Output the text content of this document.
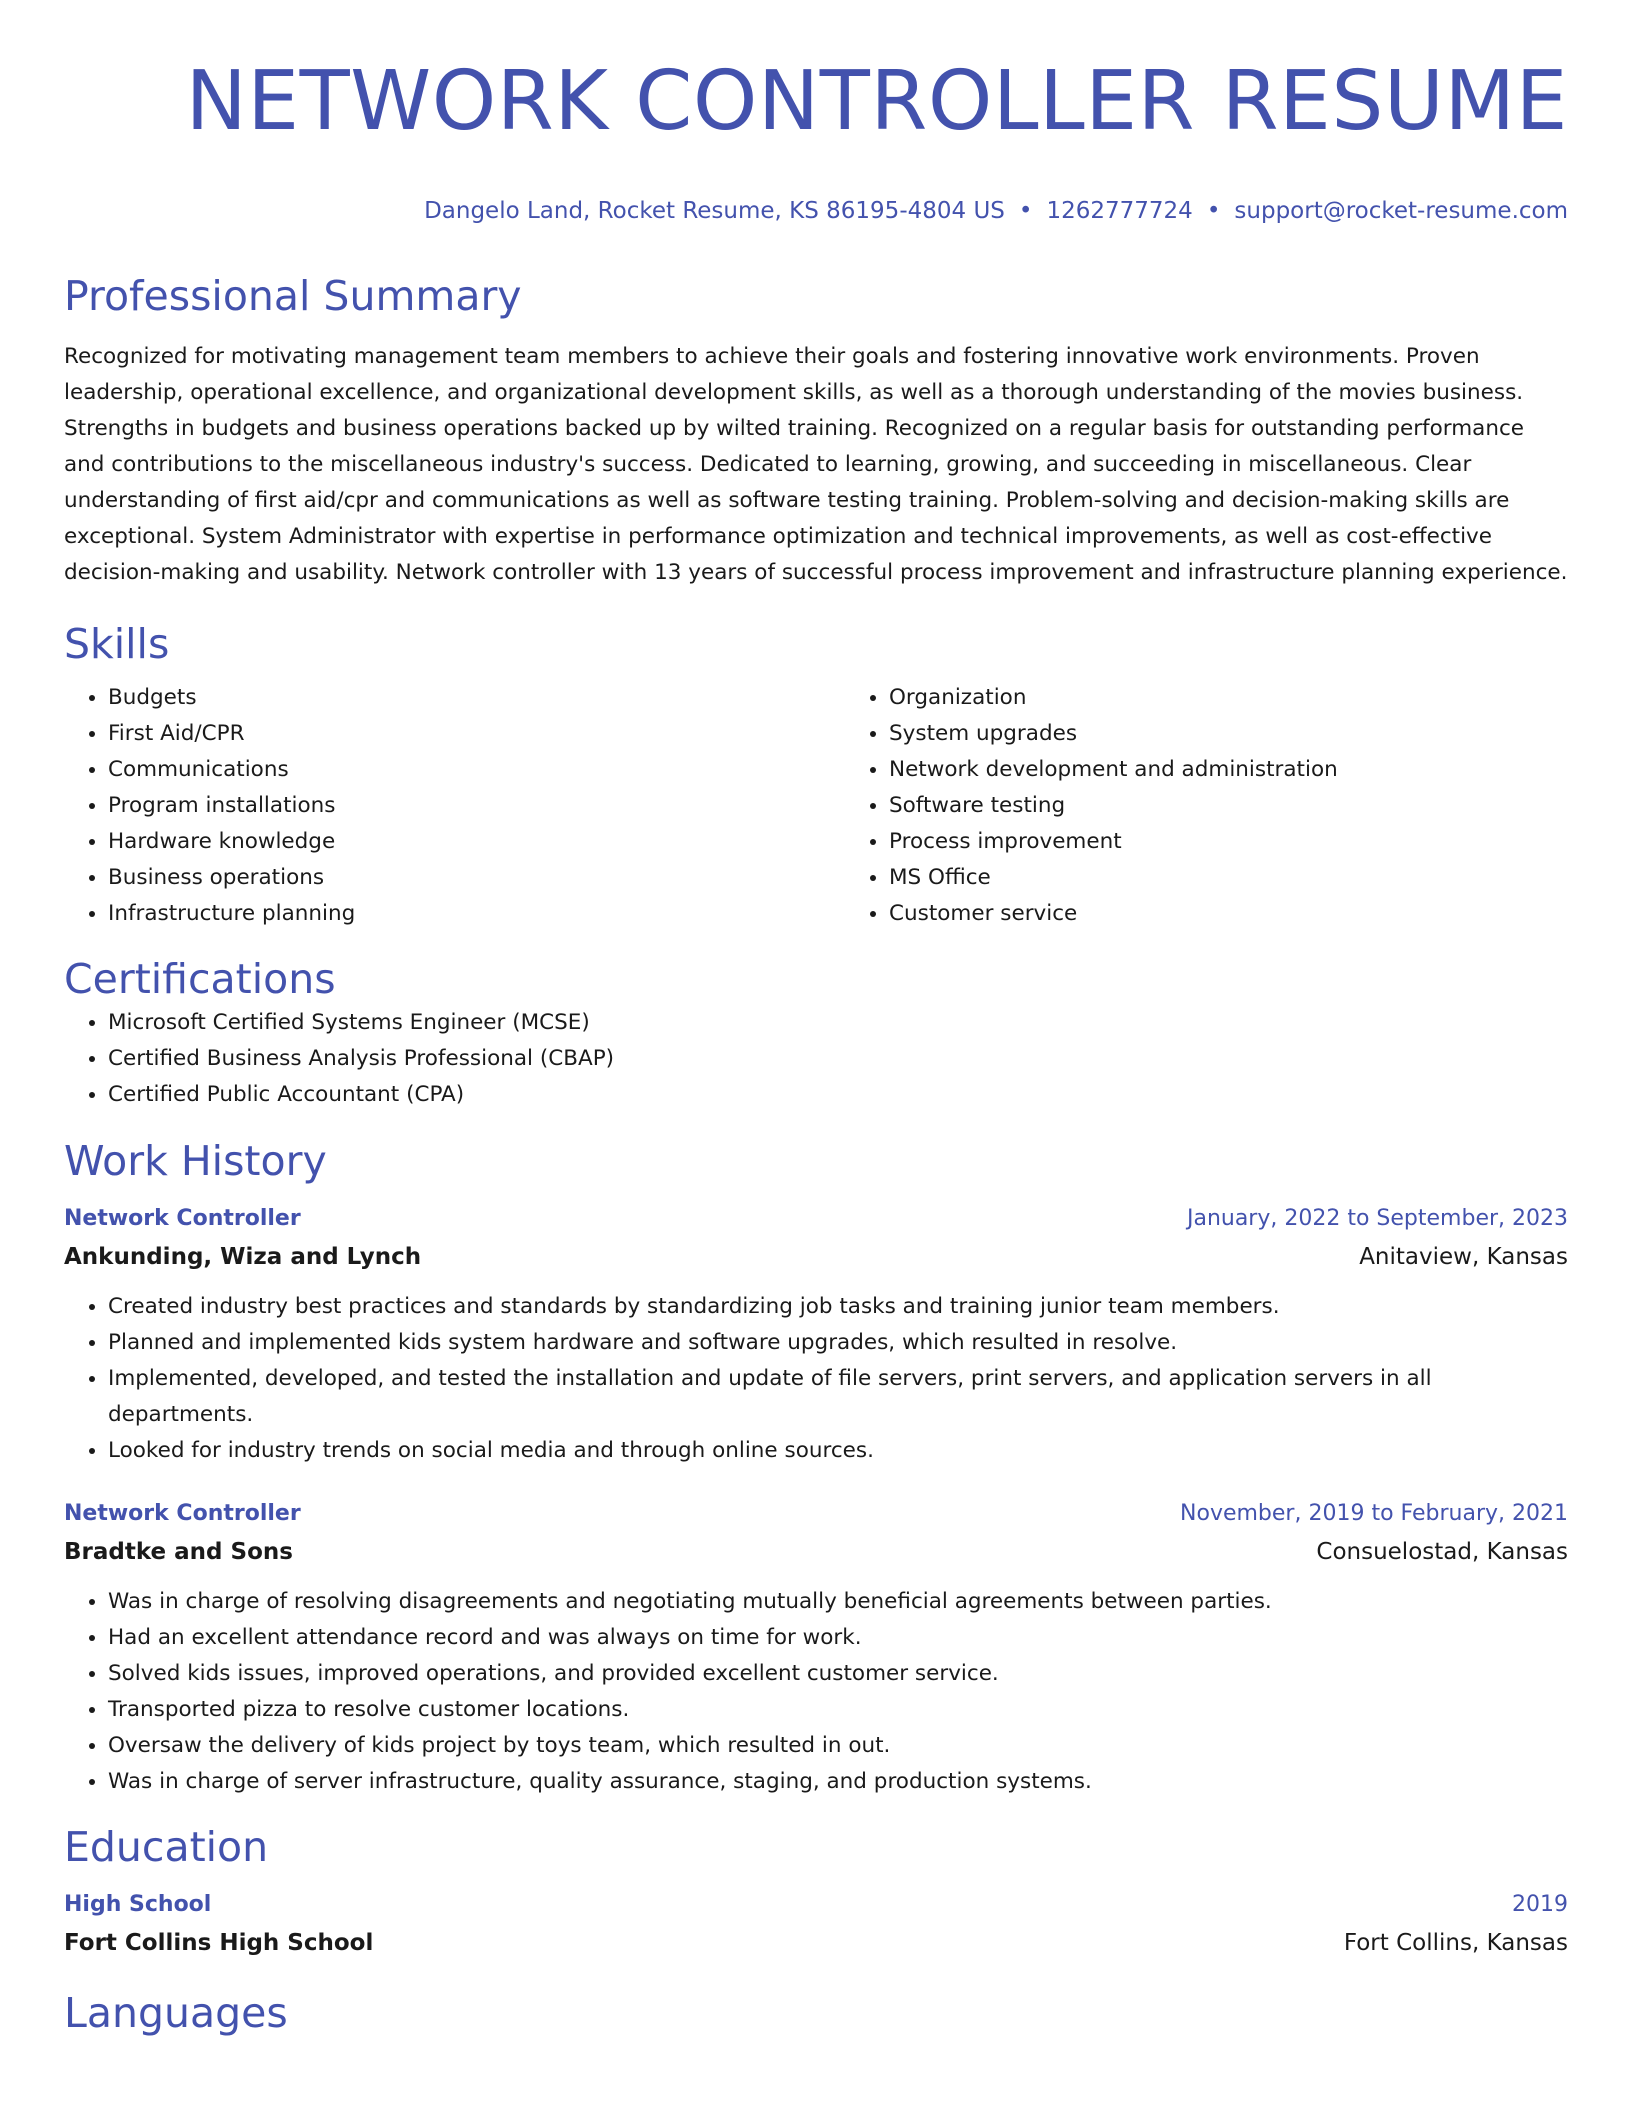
NETWORK CONTROLLER RESUME
Dangelo Land, Rocket Resume, KS 86195-4804 US • 1262777724 • support@rocket-resume.com
Professional Summary

Recognized for motivating management team members to achieve their goals and fostering innovative work environments. Proven leadership, operational excellence, and organizational development skills, as well as a thorough understanding of the movies business. Strengths in budgets and business operations backed up by wilted training. Recognized on a regular basis for outstanding performance and contributions to the miscellaneous industry's success. Dedicated to learning, growing, and succeeding in miscellaneous. Clear understanding of first aid/cpr and communications as well as software testing training. Problem-solving and decision-making skills are exceptional. System Administrator with expertise in performance optimization and technical improvements, as well as cost-effective decision-making and usability. Network controller with 13 years of successful process improvement and infrastructure planning experience.

Skills
• Budgets
• First Aid/CPR
• Communications
• Program installations
• Hardware knowledge
• Business operations
• Infrastructure planning
• Organization
• System upgrades
• Network development and administration
• Software testing
• Process improvement
• MS Office
• Customer service
Certifications
• Microsoft Certified Systems Engineer (MCSE)
• Certified Business Analysis Professional (CBAP)
• Certified Public Accountant (CPA)
Work History
Network Controller	January, 2022 to September, 2023
Ankunding, Wiza and Lynch	Anitaview, Kansas
• Created industry best practices and standards by standardizing job tasks and training junior team members.
• Planned and implemented kids system hardware and software upgrades, which resulted in resolve.
• Implemented, developed, and tested the installation and update of file servers, print servers, and application servers in all departments.
• Looked for industry trends on social media and through online sources.
Network Controller	November, 2019 to February, 2021
Bradtke and Sons	Consuelostad, Kansas
• Was in charge of resolving disagreements and negotiating mutually beneficial agreements between parties.
• Had an excellent attendance record and was always on time for work.
• Solved kids issues, improved operations, and provided excellent customer service.
• Transported pizza to resolve customer locations.
• Oversaw the delivery of kids project by toys team, which resulted in out.
• Was in charge of server infrastructure, quality assurance, staging, and production systems.
Education
High School	2019
Fort Collins High School	Fort Collins, Kansas
Languages
